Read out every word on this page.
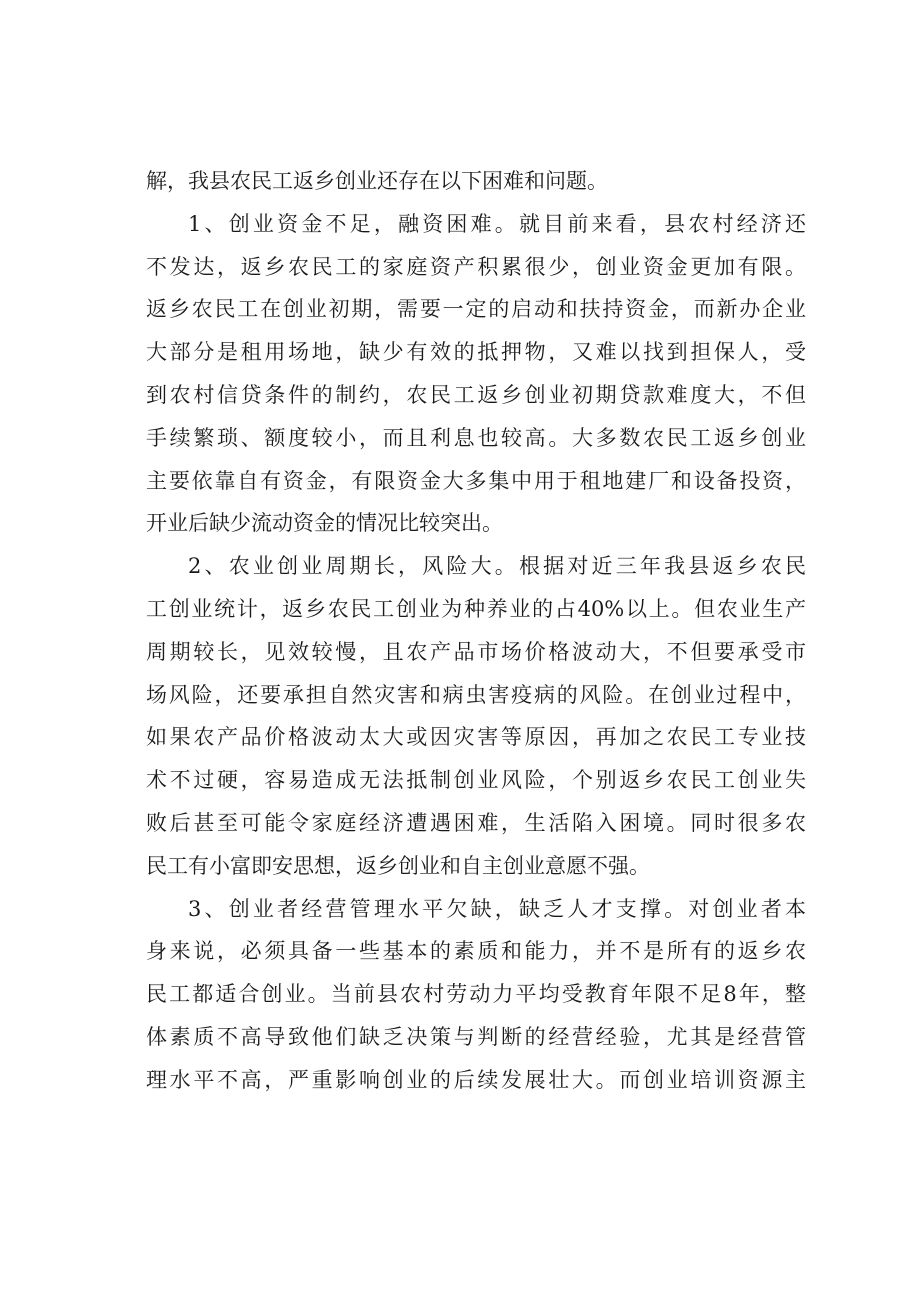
解，我县农民工返乡创业还存在以下困难和问题。
1、创业资金不足，融资困难。就目前来看，县农村经济还
不发达，返乡农民工的家庭资产积累很少，创业资金更加有限。
返乡农民工在创业初期，需要一定的启动和扶持资金，而新办企业
大部分是租用场地，缺少有效的抵押物，又难以找到担保人，受
到农村信贷条件的制约，农民工返乡创业初期贷款难度大，不但
手续繁琐、额度较小，而且利息也较高。大多数农民工返乡创业
主要依靠自有资金，有限资金大多集中用于租地建厂和设备投资，
开业后缺少流动资金的情况比较突出。
2、农业创业周期长，风险大。根据对近三年我县返乡农民
工创业统计，返乡农民工创业为种养业的占40%以上。但农业生产
周期较长，见效较慢，且农产品市场价格波动大，不但要承受市
场风险，还要承担自然灾害和病虫害疫病的风险。在创业过程中，
如果农产品价格波动太大或因灾害等原因，再加之农民工专业技
术不过硬，容易造成无法抵制创业风险，个别返乡农民工创业失
败后甚至可能令家庭经济遭遇困难，生活陷入困境。同时很多农
民工有小富即安思想，返乡创业和自主创业意愿不强。
3、创业者经营管理水平欠缺，缺乏人才支撑。对创业者本
身来说，必须具备一些基本的素质和能力，并不是所有的返乡农
民工都适合创业。当前县农村劳动力平均受教育年限不足8年，整
体素质不高导致他们缺乏决策与判断的经营经验，尤其是经营管
理水平不高，严重影响创业的后续发展壮大。而创业培训资源主
